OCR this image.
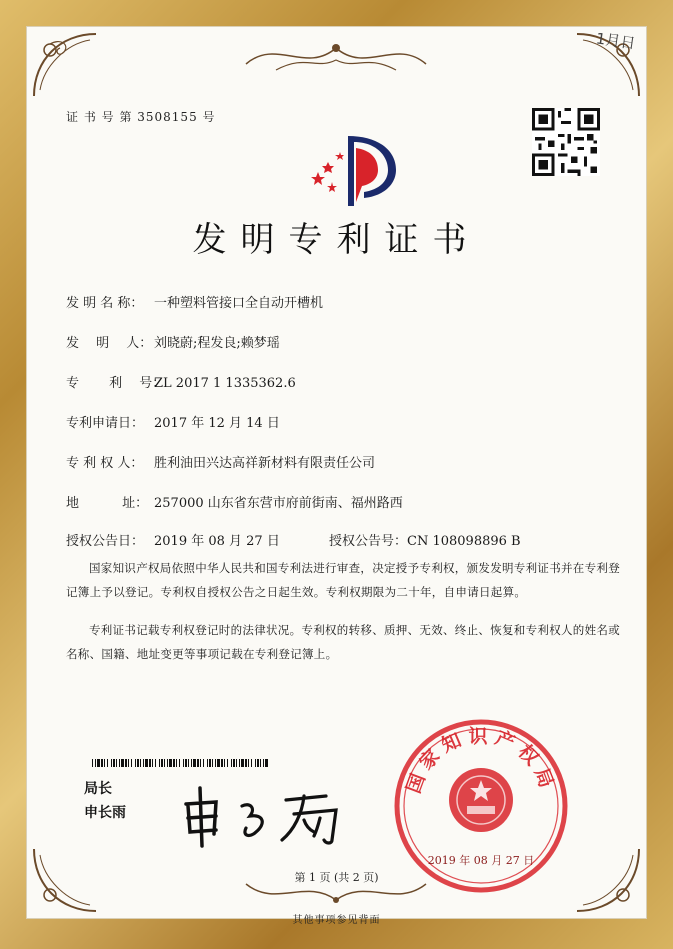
1月日
证 书 号 第 3508155 号
发明专利证书
发 明 名 称： 一种塑料管接口全自动开槽机
发　 明　 人： 刘晓蔚;程发良;赖梦瑶
专　 　利　 号：ZL 2017 1 1335362.6
专利申请日： 2017 年 12 月 14 日
专 利 权 人： 胜利油田兴达高祥新材料有限责任公司
地　　　 址： 257000 山东省东营市府前街南、福州路西
授权公告日： 2019 年 08 月 27 日	授权公告号：CN 108098896 B
国家知识产权局依照中华人民共和国专利法进行审查，决定授予专利权，颁发发明专利证书并在专利登记簿上予以登记。专利权自授权公告之日起生效。专利权期限为二十年，自申请日起算。
专利证书记载专利权登记时的法律状况。专利权的转移、质押、无效、终止、恢复和专利权人的姓名或名称、国籍、地址变更等事项记载在专利登记簿上。
局长
申长雨
国家知识产权局
2019 年 08 月 27 日
第 1 页 (共 2 页)
其他事项参见背面
